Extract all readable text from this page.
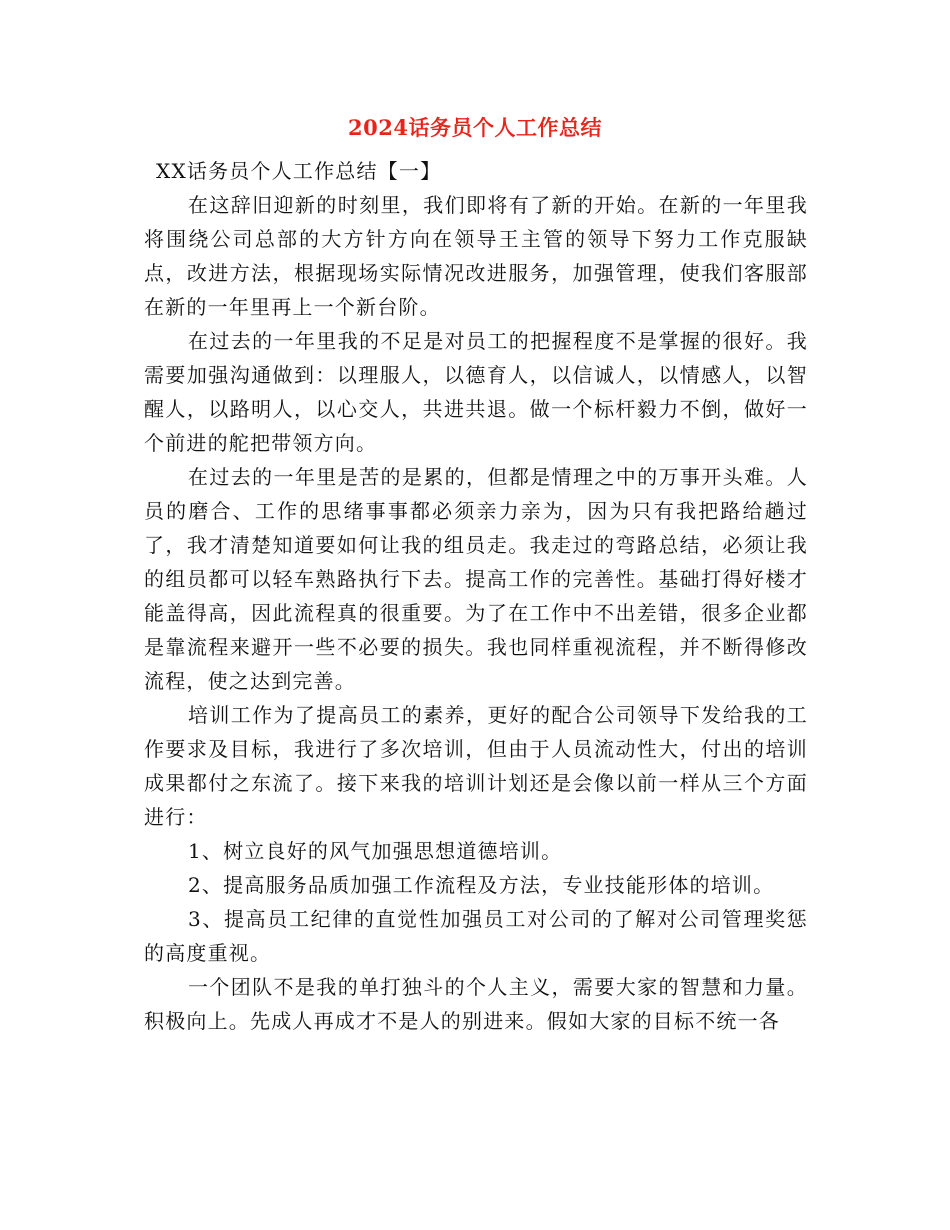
2024话务员个人工作总结

XX话务员个人工作总结【一】

在这辞旧迎新的时刻里，我们即将有了新的开始。在新的一年里我将围绕公司总部的大方针方向在领导王主管的领导下努力工作克服缺点，改进方法，根据现场实际情况改进服务，加强管理，使我们客服部在新的一年里再上一个新台阶。

在过去的一年里我的不足是对员工的把握程度不是掌握的很好。我需要加强沟通做到：以理服人，以德育人，以信诚人，以情感人，以智醒人，以路明人，以心交人，共进共退。做一个标杆毅力不倒，做好一个前进的舵把带领方向。

在过去的一年里是苦的是累的，但都是情理之中的万事开头难。人员的磨合、工作的思绪事事都必须亲力亲为，因为只有我把路给趟过了，我才清楚知道要如何让我的组员走。我走过的弯路总结，必须让我的组员都可以轻车熟路执行下去。提高工作的完善性。基础打得好楼才能盖得高，因此流程真的很重要。为了在工作中不出差错，很多企业都是靠流程来避开一些不必要的损失。我也同样重视流程，并不断得修改流程，使之达到完善。

培训工作为了提高员工的素养，更好的配合公司领导下发给我的工作要求及目标，我进行了多次培训，但由于人员流动性大，付出的培训成果都付之东流了。接下来我的培训计划还是会像以前一样从三个方面进行：

1、树立良好的风气加强思想道德培训。

2、提高服务品质加强工作流程及方法，专业技能形体的培训。

3、提高员工纪律的直觉性加强员工对公司的了解对公司管理奖惩的高度重视。

一个团队不是我的单打独斗的个人主义，需要大家的智慧和力量。积极向上。先成人再成才不是人的别进来。假如大家的目标不统一各
